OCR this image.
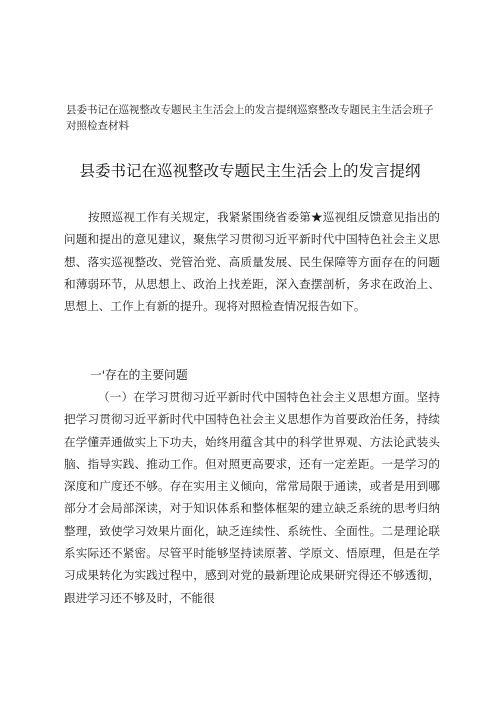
县委书记在巡视整改专题民主生活会上的发言提纲巡察整改专题民主生活会班子对照检查材料
县委书记在巡视整改专题民主生活会上的发言提纲
按照巡视工作有关规定，我紧紧围绕省委第★巡视组反馈意见指出的问题和提出的意见建议，聚焦学习贯彻习近平新时代中国特色社会主义思想、落实巡视整改、党管治党、高质量发展、民生保障等方面存在的问题和薄弱环节，从思想上、政治上找差距，深入查摆剖析，务求在政治上、思想上、工作上有新的提升。现将对照检查情况报告如下。
一'存在的主要问题
（一）在学习贯彻习近平新时代中国特色社会主义思想方面。坚持把学习贯彻习近平新时代中国特色社会主义思想作为首要政治任务，持续在学懂弄通做实上下功夫，始终用蕴含其中的科学世界观、方法论武装头脑、指导实践、推动工作。但对照更高要求，还有一定差距。一是学习的深度和广度还不够。存在实用主义倾向，常常局限于通读，或者是用到哪部分才会局部深读，对于知识体系和整体框架的建立缺乏系统的思考归纳整理，致使学习效果片面化，缺乏连续性、系统性、全面性。二是理论联系实际还不紧密。尽管平时能够坚持读原著、学原文、悟原理，但是在学习成果转化为实践过程中，感到对党的最新理论成果研究得还不够透彻，跟进学习还不够及时，不能很
